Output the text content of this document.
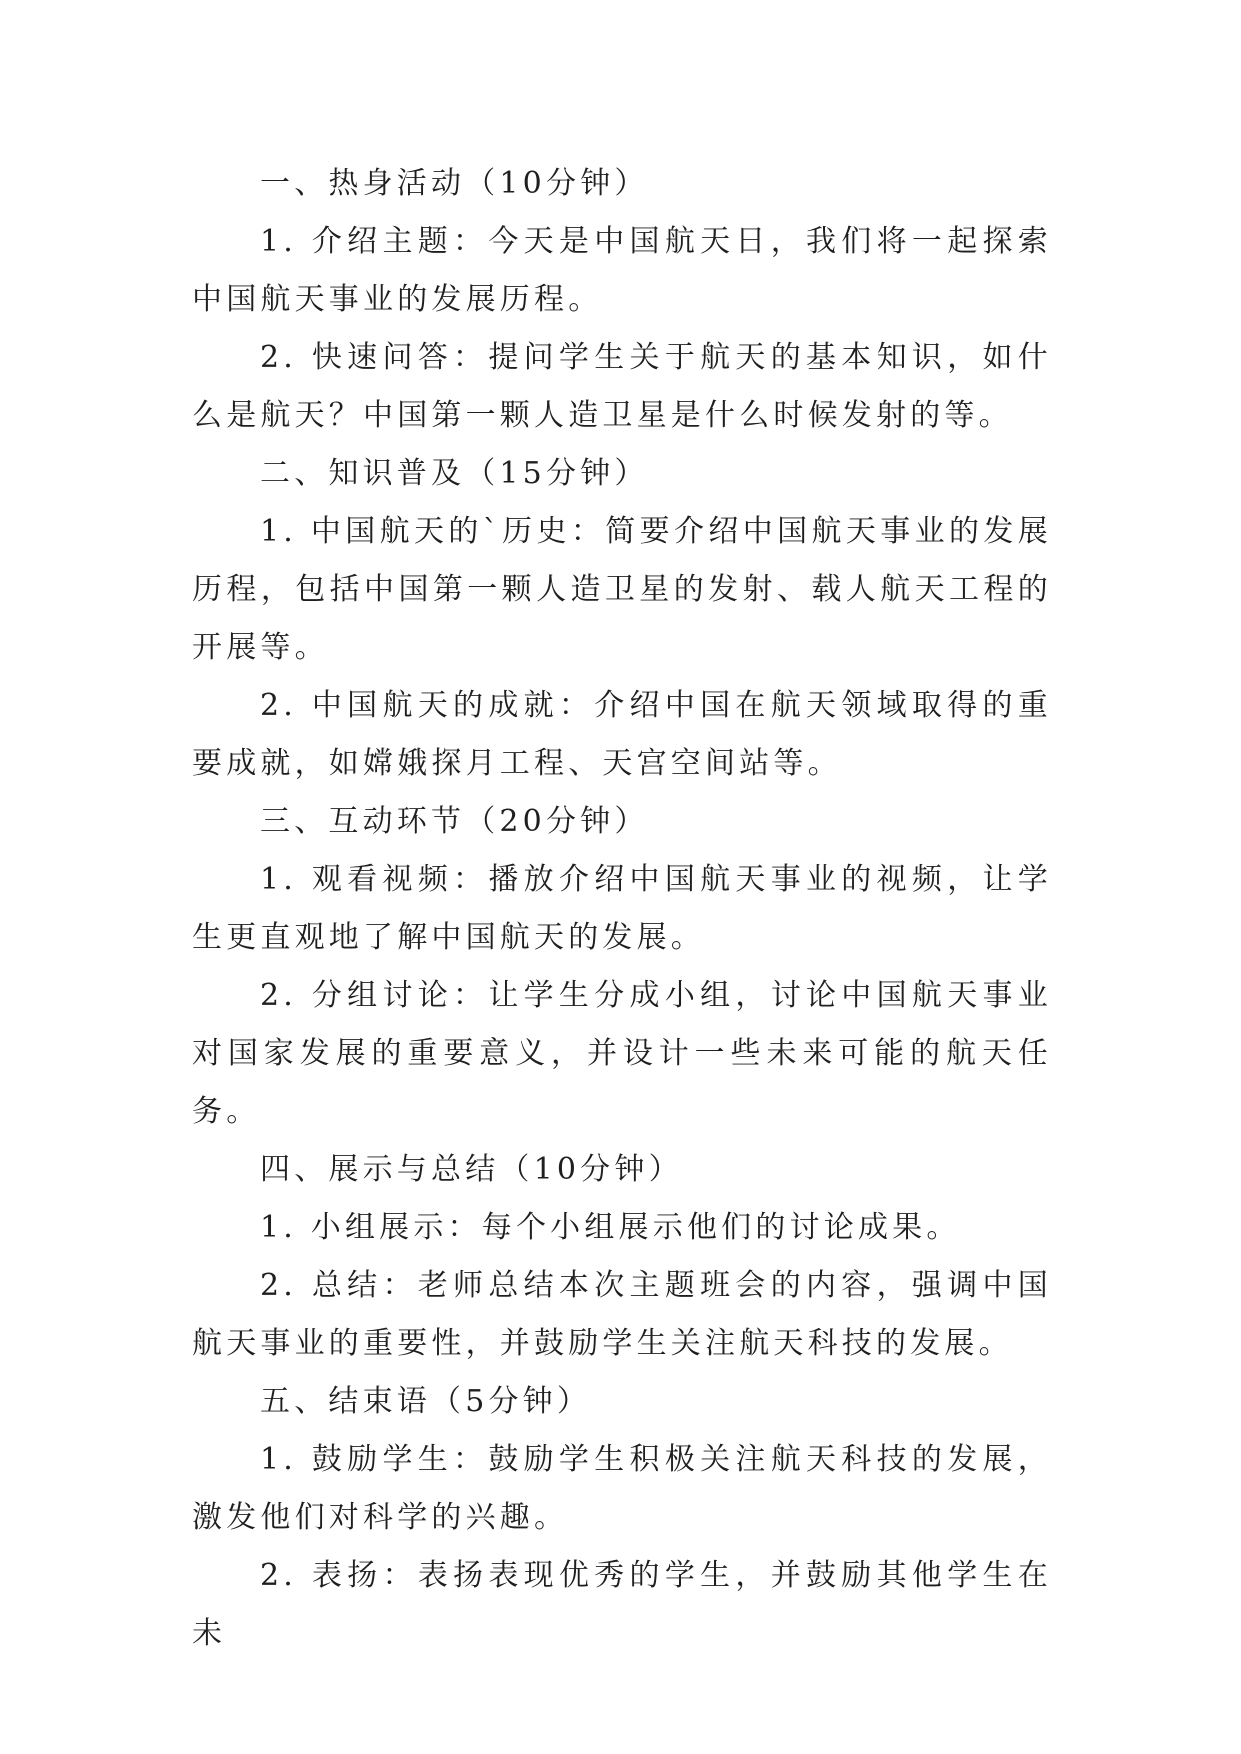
一、热身活动（10分钟）

1. 介绍主题：今天是中国航天日，我们将一起探索中国航天事业的发展历程。

2. 快速问答：提问学生关于航天的基本知识，如什么是航天？中国第一颗人造卫星是什么时候发射的等。

二、知识普及（15分钟）

1. 中国航天的`历史：简要介绍中国航天事业的发展历程，包括中国第一颗人造卫星的发射、载人航天工程的开展等。

2. 中国航天的成就：介绍中国在航天领域取得的重要成就，如嫦娥探月工程、天宫空间站等。

三、互动环节（20分钟）

1. 观看视频：播放介绍中国航天事业的视频，让学生更直观地了解中国航天的发展。

2. 分组讨论：让学生分成小组，讨论中国航天事业对国家发展的重要意义，并设计一些未来可能的航天任务。

四、展示与总结（10分钟）

1. 小组展示：每个小组展示他们的讨论成果。

2. 总结：老师总结本次主题班会的内容，强调中国航天事业的重要性，并鼓励学生关注航天科技的发展。

五、结束语（5分钟）

1. 鼓励学生：鼓励学生积极关注航天科技的发展，激发他们对科学的兴趣。

2. 表扬：表扬表现优秀的学生，并鼓励其他学生在未
